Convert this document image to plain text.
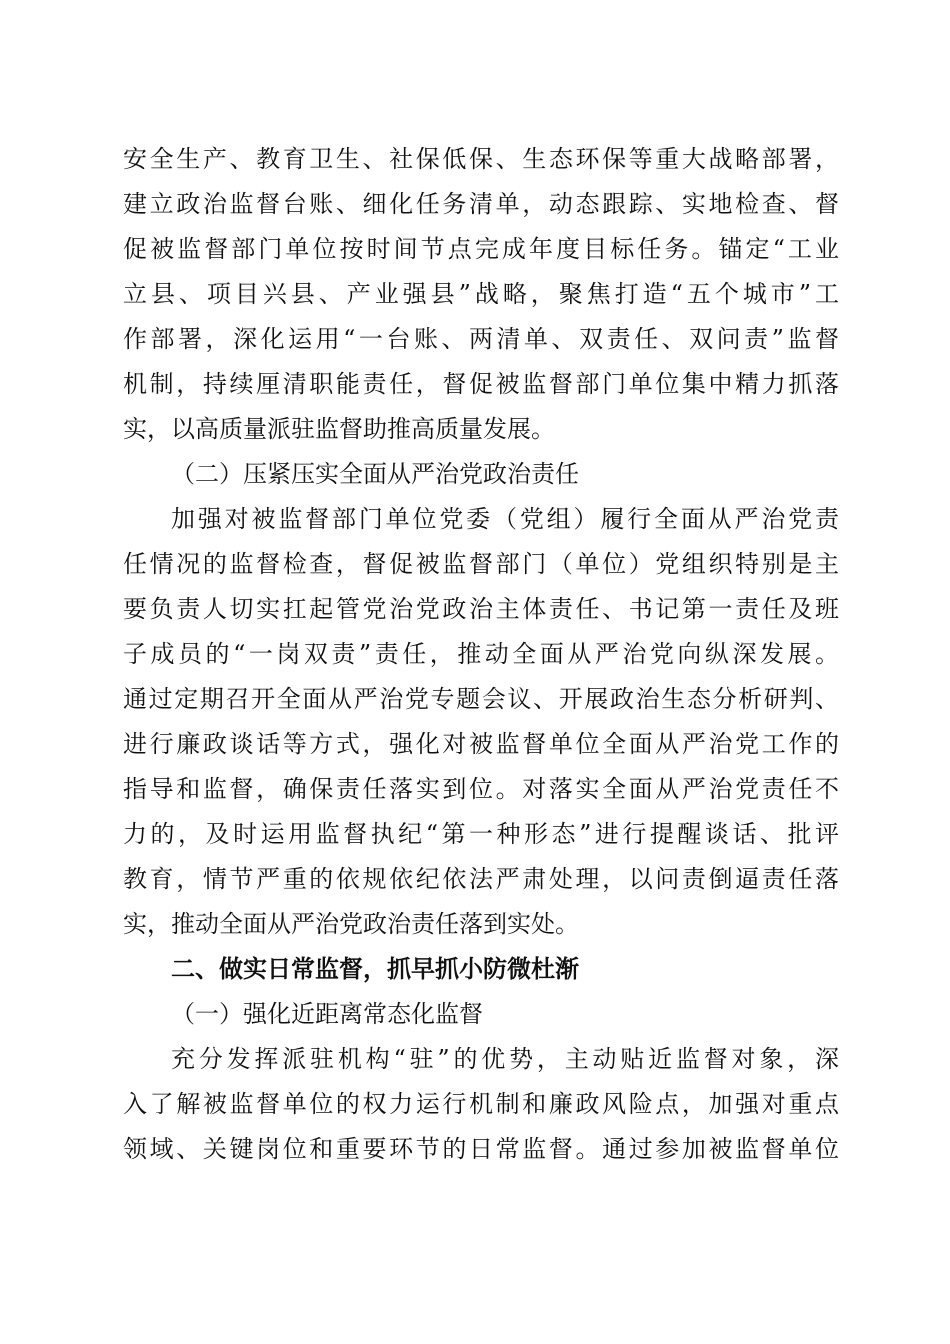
安全生产、教育卫生、社保低保、生态环保等重大战略部署，
建立政治监督台账、细化任务清单，动态跟踪、实地检查、督
促被监督部门单位按时间节点完成年度目标任务。锚定“工业
立县、项目兴县、产业强县”战略，聚焦打造“五个城市”工
作部署，深化运用“一台账、两清单、双责任、双问责”监督
机制，持续厘清职能责任，督促被监督部门单位集中精力抓落
实，以高质量派驻监督助推高质量发展。
（二）压紧压实全面从严治党政治责任
加强对被监督部门单位党委（党组）履行全面从严治党责
任情况的监督检查，督促被监督部门（单位）党组织特别是主
要负责人切实扛起管党治党政治主体责任、书记第一责任及班
子成员的“一岗双责”责任，推动全面从严治党向纵深发展。
通过定期召开全面从严治党专题会议、开展政治生态分析研判、
进行廉政谈话等方式，强化对被监督单位全面从严治党工作的
指导和监督，确保责任落实到位。对落实全面从严治党责任不
力的，及时运用监督执纪“第一种形态”进行提醒谈话、批评
教育，情节严重的依规依纪依法严肃处理，以问责倒逼责任落
实，推动全面从严治党政治责任落到实处。
二、做实日常监督，抓早抓小防微杜渐
（一）强化近距离常态化监督
充分发挥派驻机构“驻”的优势，主动贴近监督对象，深
入了解被监督单位的权力运行机制和廉政风险点，加强对重点
领域、关键岗位和重要环节的日常监督。通过参加被监督单位
